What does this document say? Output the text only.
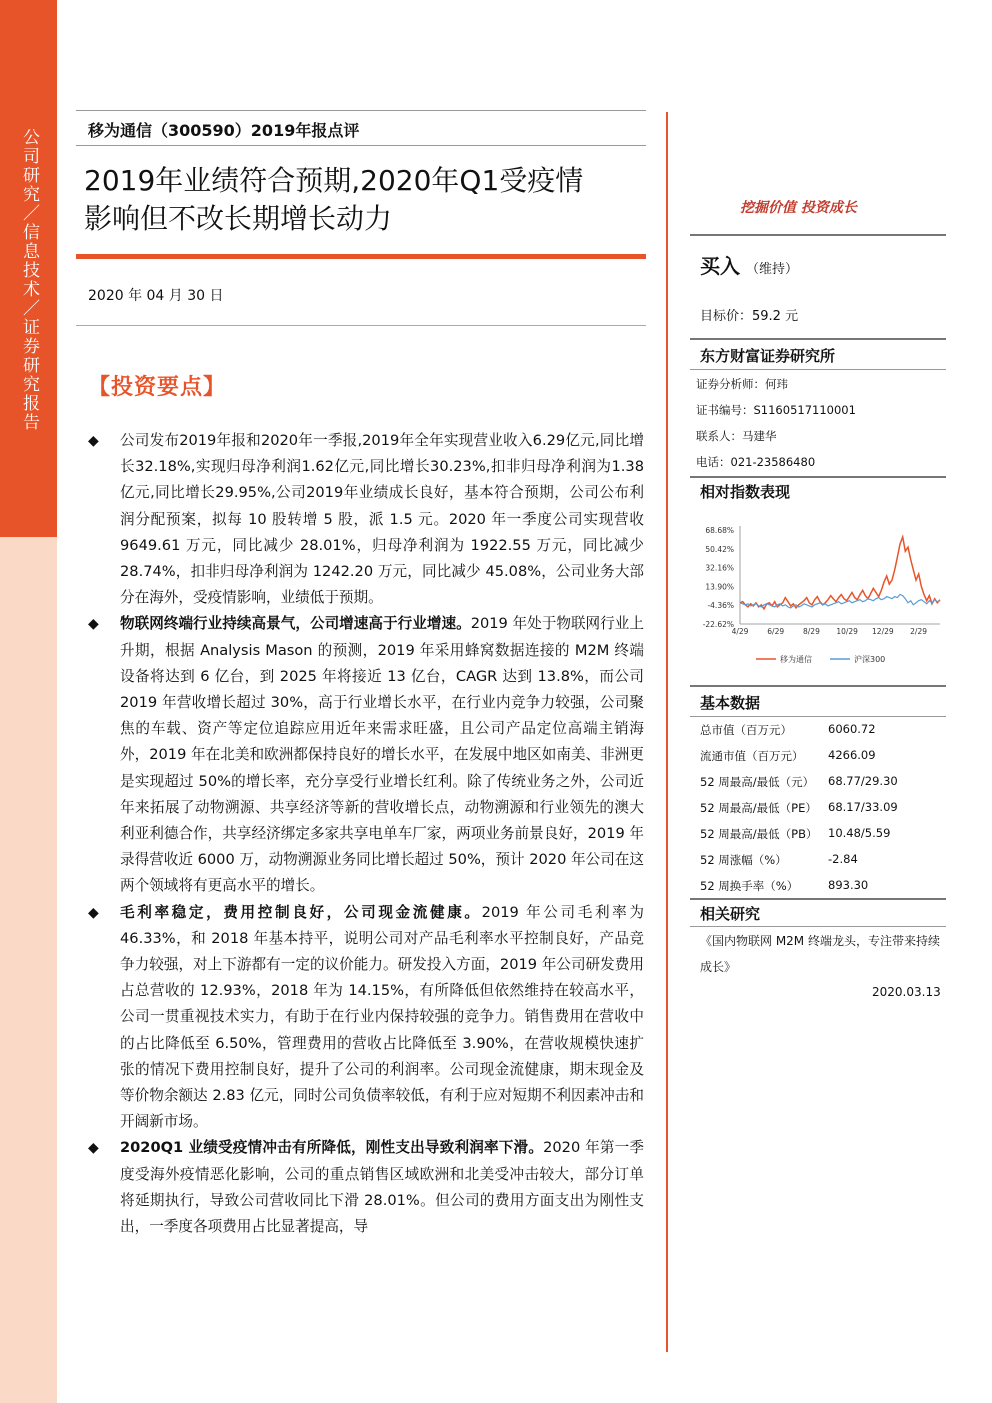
公司研究／信息技术／证券研究报告	移为通信（300590）2019年报点评
2019年业绩符合预期,2020年Q1受疫情
影响但不改长期增长动力
2020 年 04 月 30 日
【投资要点】

◆ 公司发布2019年报和2020年一季报,2019年全年实现营业收入6.29亿元,同比增长32.18%,实现归母净利润1.62亿元,同比增长30.23%,扣非归母净利润为1.38亿元,同比增长29.95%,公司2019年业绩成长良好，基本符合预期，公司公布利润分配预案，拟每 10 股转增 5 股，派 1.5 元。2020 年一季度公司实现营收 9649.61 万元，同比减少 28.01%，归母净利润为 1922.55 万元，同比减少 28.74%，扣非归母净利润为 1242.20 万元，同比减少 45.08%，公司业务大部分在海外，受疫情影响，业绩低于预期。

◆ 物联网终端行业持续高景气，公司增速高于行业增速。2019 年处于物联网行业上升期，根据 Analysis Mason 的预测，2019 年采用蜂窝数据连接的 M2M 终端设备将达到 6 亿台，到 2025 年将接近 13 亿台，CAGR 达到 13.8%，而公司 2019 年营收增长超过 30%，高于行业增长水平，在行业内竞争力较强，公司聚焦的车载、资产等定位追踪应用近年来需求旺盛，且公司产品定位高端主销海外，2019 年在北美和欧洲都保持良好的增长水平，在发展中地区如南美、非洲更是实现超过 50%的增长率，充分享受行业增长红利。除了传统业务之外，公司近年来拓展了动物溯源、共享经济等新的营收增长点，动物溯源和行业领先的澳大利亚利德合作，共享经济绑定多家共享电单车厂家，两项业务前景良好，2019 年录得营收近 6000 万，动物溯源业务同比增长超过 50%，预计 2020 年公司在这两个领域将有更高水平的增长。

◆ 毛利率稳定，费用控制良好，公司现金流健康。2019 年公司毛利率为 46.33%，和 2018 年基本持平，说明公司对产品毛利率水平控制良好，产品竞争力较强，对上下游都有一定的议价能力。研发投入方面，2019 年公司研发费用占总营收的 12.93%，2018 年为 14.15%，有所降低但依然维持在较高水平，公司一贯重视技术实力，有助于在行业内保持较强的竞争力。销售费用在营收中的占比降低至 6.50%，管理费用的营收占比降低至 3.90%，在营收规模快速扩张的情况下费用控制良好，提升了公司的利润率。公司现金流健康，期末现金及等价物余额达 2.83 亿元，同时公司负债率较低，有利于应对短期不利因素冲击和开阔新市场。

◆ 2020Q1 业绩受疫情冲击有所降低，刚性支出导致利润率下滑。2020 年第一季度受海外疫情恶化影响，公司的重点销售区域欧洲和北美受冲击较大，部分订单将延期执行，导致公司营收同比下滑 28.01%。但公司的费用方面支出为刚性支出，一季度各项费用占比显著提高，导

挖掘价值 投资成长
买入 （维持）
目标价：59.2 元
东方财富证券研究所
证券分析师：何玮
证书编号：S1160517110001
联系人：马建华
电话：021-23586480
相对指数表现
68.68%
50.42%
32.16%
13.90%
-4.36%
-22.62%
4/29	6/29	8/29 10/29 12/29 2/29
移为通信	沪深300
基本数据
总市值（百万元）	6060.72
流通市值（百万元） 4266.09
52 周最高/最低（元） 68.77/29.30
52 周最高/最低（PE） 68.17/33.09
52 周最高/最低（PB） 10.48/5.59
52 周涨幅（%）	-2.84
52 周换手率（%）	893.30
相关研究
《国内物联网 M2M 终端龙头，专注带来持续成长》
2020.03.13
